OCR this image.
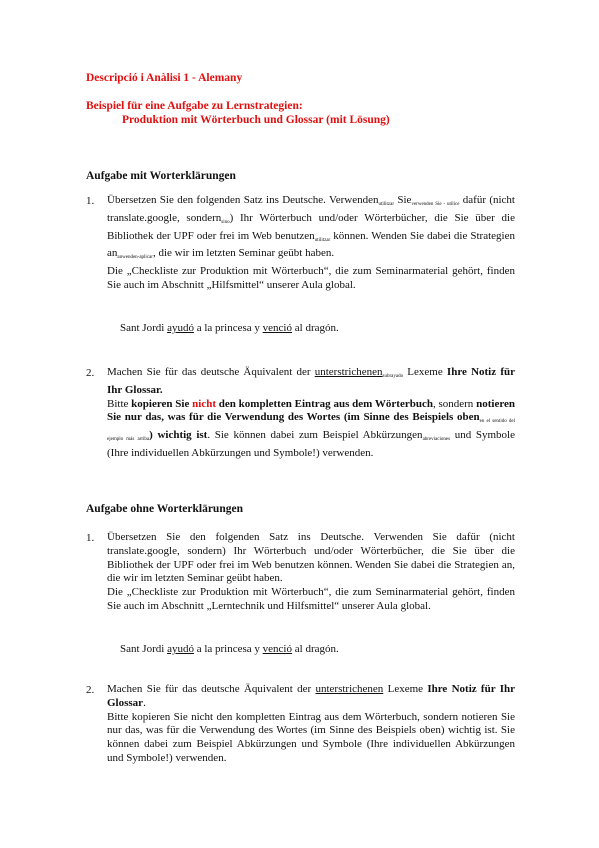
Descripció i Anàlisi 1 - Alemany
Beispiel für eine Aufgabe zu Lernstrategien:
Produktion mit Wörterbuch und Glossar (mit Lösung)
Aufgabe mit Worterklärungen
1. Übersetzen Sie den folgenden Satz ins Deutsche. Verwenden$_{utilitzar}$ Sie$_{verwenden Sie - utilice}$ dafür (nicht translate.google, sondern$_{sino}$) Ihr Wörterbuch und/oder Wörterbücher, die Sie über die Bibliothek der UPF oder frei im Web benutzen$_{utilitzar}$ können. Wenden Sie dabei die Strategien $an_{anwenden-aplicar}$, die wir im letzten Seminar geübt haben.
Die „Checkliste zur Produktion mit Wörterbuch“, die zum Seminarmaterial gehört, finden Sie auch im Abschnitt „Hilfsmittel“ unserer Aula global.
Sant Jordi ayudó a la princesa y venció al dragón.
2. Machen Sie für das deutsche Äquivalent der unterstrichenen$_{subrayado}$ Lexeme Ihre Notiz für Ihr Glossar.
Bitte kopieren Sie nicht den kompletten Eintrag aus dem Wörterbuch, sondern notieren Sie nur das, was für die Verwendung des Wortes (im Sinne des Beispiels oben$_{en el sentido del ejemplo más arriba}$) wichtig ist. Sie können dabei zum Beispiel Abkürzungen$_{abreviaciones}$ und Symbole (Ihre individuellen Abkürzungen und Symbole!) verwenden.
Aufgabe ohne Worterklärungen
1. Übersetzen Sie den folgenden Satz ins Deutsche. Verwenden Sie dafür (nicht translate.google, sondern) Ihr Wörterbuch und/oder Wörterbücher, die Sie über die Bibliothek der UPF oder frei im Web benutzen können. Wenden Sie dabei die Strategien an, die wir im letzten Seminar geübt haben.
Die „Checkliste zur Produktion mit Wörterbuch“, die zum Seminarmaterial gehört, finden Sie auch im Abschnitt „Lerntechnik und Hilfsmittel“ unserer Aula global.
Sant Jordi ayudó a la princesa y venció al dragón.
2. Machen Sie für das deutsche Äquivalent der unterstrichenen Lexeme Ihre Notiz für Ihr Glossar.
Bitte kopieren Sie nicht den kompletten Eintrag aus dem Wörterbuch, sondern notieren Sie nur das, was für die Verwendung des Wortes (im Sinne des Beispiels oben) wichtig ist. Sie können dabei zum Beispiel Abkürzungen und Symbole (Ihre individuellen Abkürzungen und Symbole!) verwenden.
